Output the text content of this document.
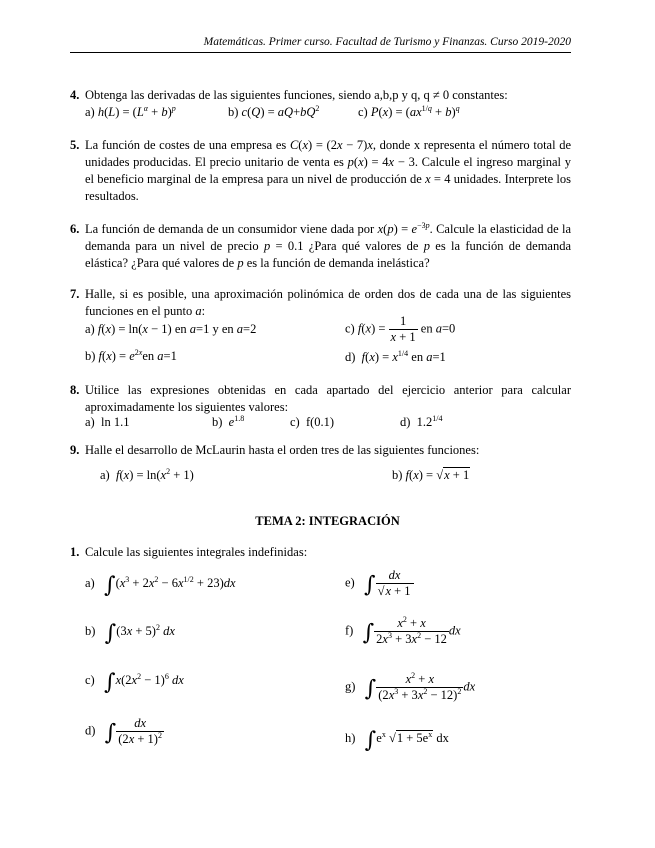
Matemáticas. Primer curso. Facultad de Turismo y Finanzas. Curso 2019-2020
4. Obtenga las derivadas de las siguientes funciones, siendo a,b,p y q, q ≠ 0 constantes:
a) $h(L) = (L^\alpha + b)^p$	b) $c(Q) = aQ+bQ^2$	c) $P(x) = (ax^{1/q} + b)^q$
5. La función de costes de una empresa es C(x) = (2x − 7)x, donde x representa el número total de unidades producidas. El precio unitario de venta es p(x) = 4x − 3. Calcule el ingreso marginal y el beneficio marginal de la empresa para un nivel de producción de x = 4 unidades. Interprete los resultados.
6. La función de demanda de un consumidor viene dada por $x(p) = e^{-3p}$. Calcule la elasticidad de la demanda para un nivel de precio p = 0.1 ¿Para qué valores de p es la función de demanda elástica? ¿Para qué valores de p es la función de demanda inelástica?
7. Halle, si es posible, una aproximación polinómica de orden dos de cada una de las siguientes funciones en el punto a:
a) f(x) = ln(x − 1) en a=1 y en a=2	c) $f(x) = \frac{1}{x + 1}$ en a=0
b) $f(x) = e^{2x}en$ a=1	d) $f(x) = x^{1/4}$ en a=1
8. Utilice las expresiones obtenidas en cada apartado del ejercicio anterior para calcular aproximadamente los siguientes valores:
a)  ln 1.1	b) $e^{1.8}$	c)  f(0.1)	d)  $1.2^{1/4}$
9. Halle el desarrollo de McLaurin hasta el orden tres de las siguientes funciones:
a) $f(x) = \ln(x^2 + 1)$	b) f(x) = √x + 1
TEMA 2: INTEGRACIÓN
1. Calcule las siguientes integrales indefinidas:
a) $\int(x^3 + 2x^2 - 6x^{1/2} + 23)dx$	e) ∫ $\frac{dx}{√x + 1}$
b) $\int(3x + 5)^2$ dx	f) ∫ $\frac{x^2 + x}{2x^3 + 3x^2 - 12}$ dx
c) $\int x(2x^2 - 1)^6$ dx	g) ∫ $\frac{x^2 + x}{(2x^3 + 3x^2 - 12)^2}$ dx
d) ∫ $\frac{dx}{(2x + 1)^2}$	h) $\int e^x$ $√1 + 5e^x$ dx
